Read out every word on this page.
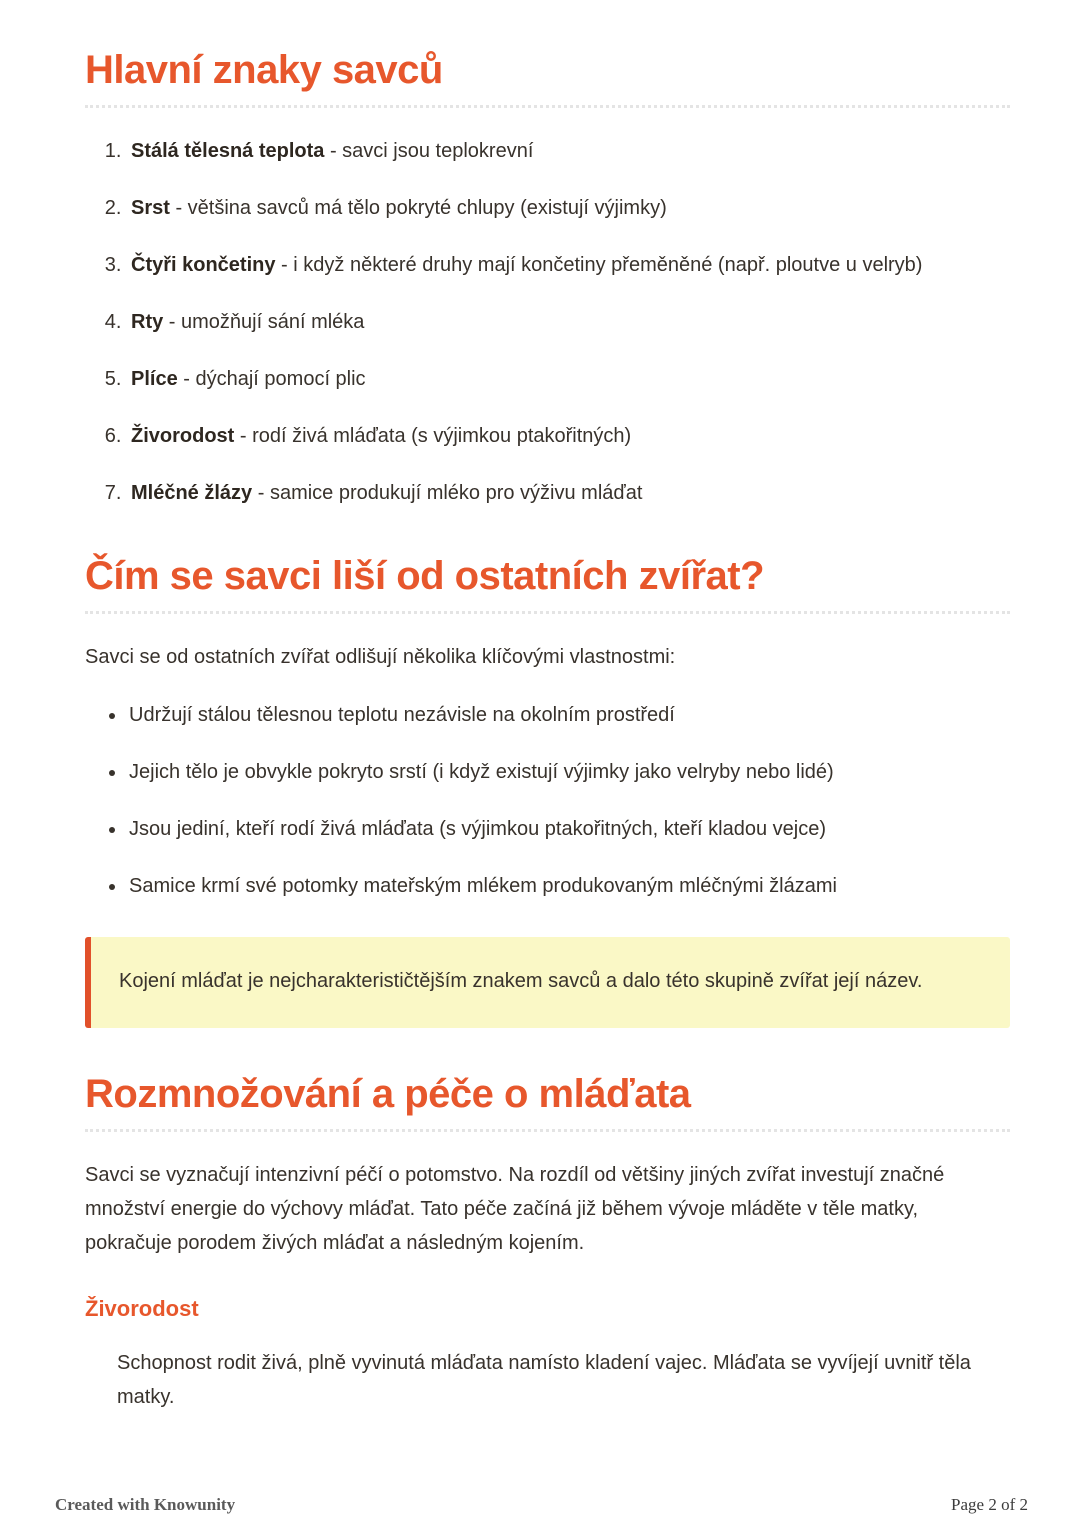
Hlavní znaky savců
1. Stálá tělesná teplota - savci jsou teplokrevní
2. Srst - většina savců má tělo pokryté chlupy (existují výjimky)
3. Čtyři končetiny - i když některé druhy mají končetiny přeměněné (např. ploutve u velryb)
4. Rty - umožňují sání mléka
5. Plíce - dýchají pomocí plic
6. Živorodost - rodí živá mláďata (s výjimkou ptakořitných)
7. Mléčné žlázy - samice produkují mléko pro výživu mláďat
Čím se savci liší od ostatních zvířat?

Savci se od ostatních zvířat odlišují několika klíčovými vlastnostmi:

• Udržují stálou tělesnou teplotu nezávisle na okolním prostředí
• Jejich tělo je obvykle pokryto srstí (i když existují výjimky jako velryby nebo lidé)
• Jsou jediní, kteří rodí živá mláďata (s výjimkou ptakořitných, kteří kladou vejce)
• Samice krmí své potomky mateřským mlékem produkovaným mléčnými žlázami

Kojení mláďat je nejcharakterističtějším znakem savců a dalo této skupině zvířat její název.

Rozmnožování a péče o mláďata

Savci se vyznačují intenzivní péčí o potomstvo. Na rozdíl od většiny jiných zvířat investují značné množství energie do výchovy mláďat. Tato péče začíná již během vývoje mláděte v těle matky, pokračuje porodem živých mláďat a následným kojením.

Živorodost

Schopnost rodit živá, plně vyvinutá mláďata namísto kladení vajec. Mláďata se vyvíjejí uvnitř těla matky.

Created with Knowunity	Page 2 of 2
